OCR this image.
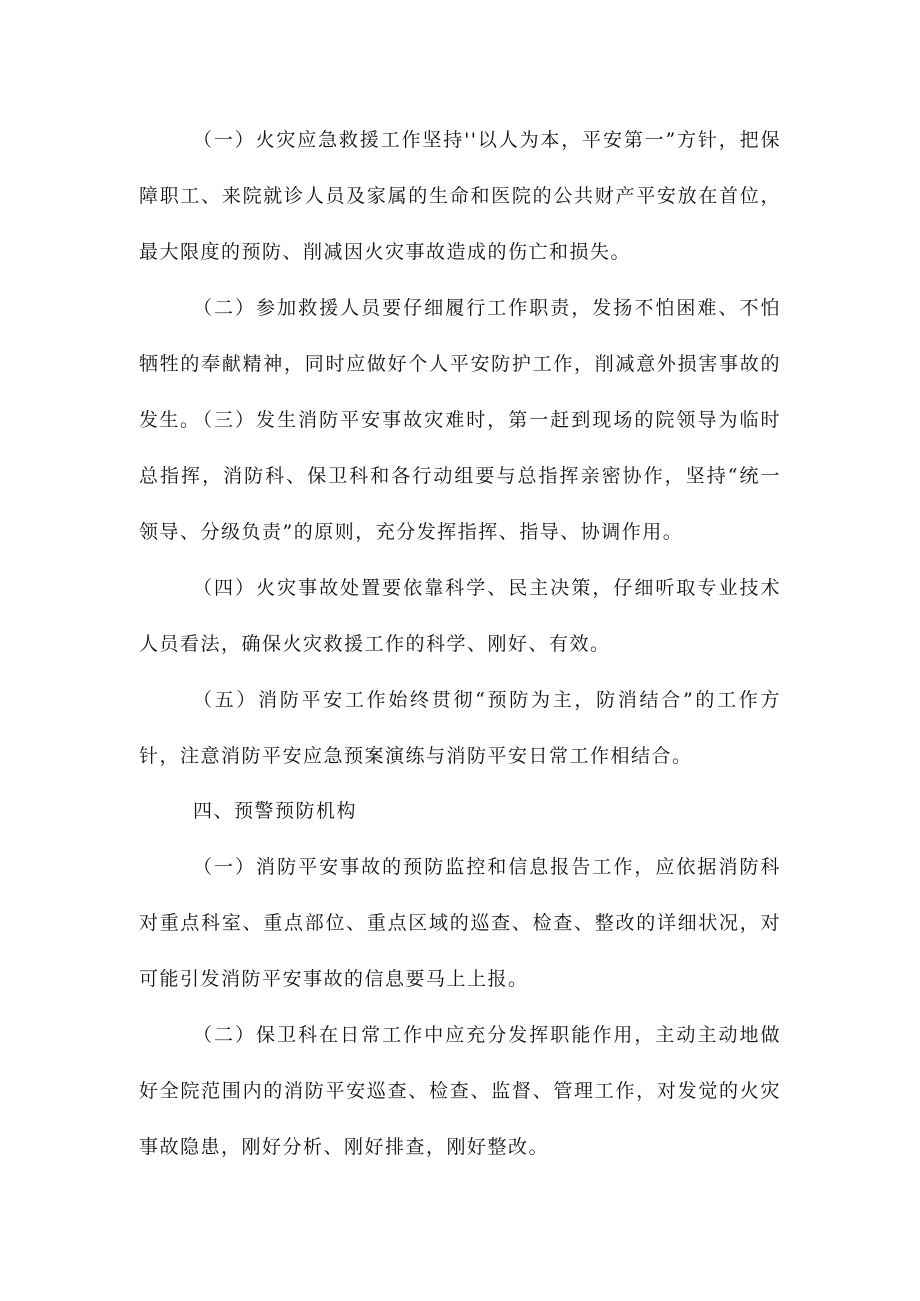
（一）火灾应急救援工作坚持''以人为本，平安第一”方针，把保障职工、来院就诊人员及家属的生命和医院的公共财产平安放在首位，最大限度的预防、削减因火灾事故造成的伤亡和损失。

（二）参加救援人员要仔细履行工作职责，发扬不怕困难、不怕牺牲的奉献精神，同时应做好个人平安防护工作，削减意外损害事故的发生。

（三）发生消防平安事故灾难时，第一赶到现场的院领导为临时总指挥，消防科、保卫科和各行动组要与总指挥亲密协作，坚持“统一领导、分级负责”的原则，充分发挥指挥、指导、协调作用。

（四）火灾事故处置要依靠科学、民主决策，仔细听取专业技术人员看法，确保火灾救援工作的科学、刚好、有效。

（五）消防平安工作始终贯彻“预防为主，防消结合”的工作方针，注意消防平安应急预案演练与消防平安日常工作相结合。

四、预警预防机构

（一）消防平安事故的预防监控和信息报告工作，应依据消防科对重点科室、重点部位、重点区域的巡查、检查、整改的详细状况，对可能引发消防平安事故的信息要马上上报。

（二）保卫科在日常工作中应充分发挥职能作用，主动主动地做好全院范围内的消防平安巡查、检查、监督、管理工作，对发觉的火灾事故隐患，刚好分析、刚好排查，刚好整改。
